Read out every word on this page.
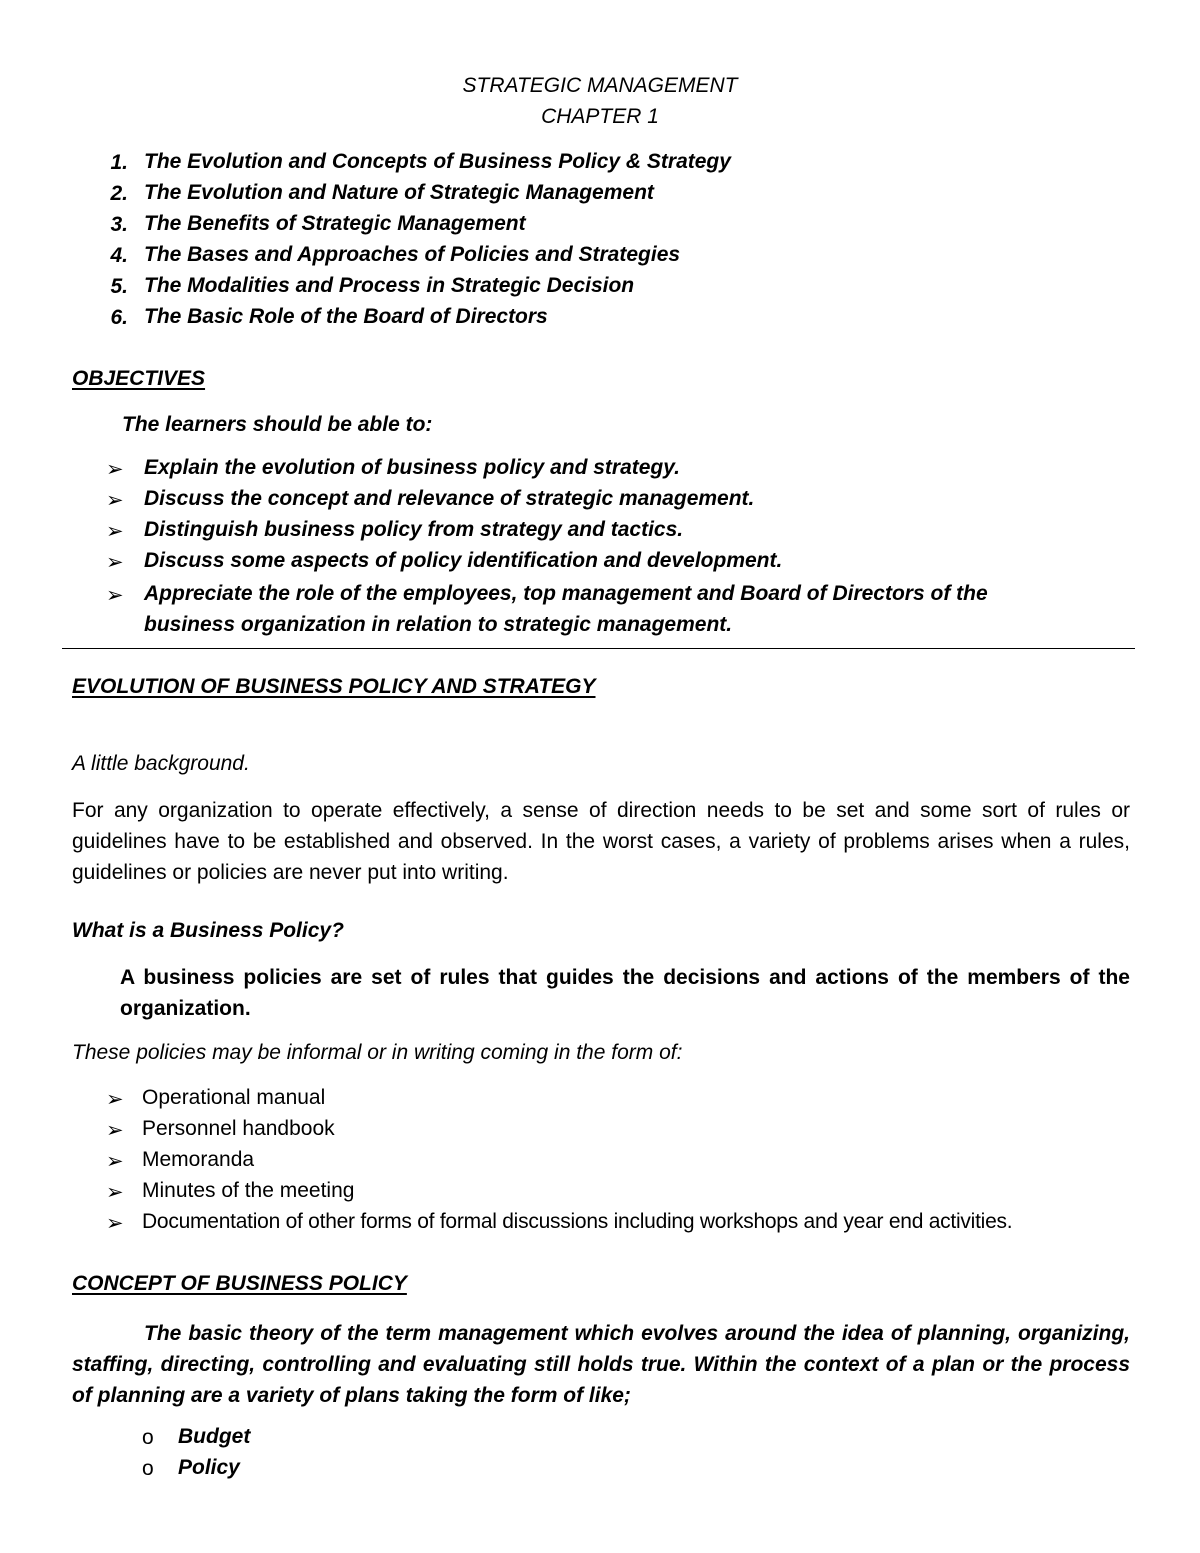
STRATEGIC MANAGEMENT
CHAPTER 1
1. The Evolution and Concepts of Business Policy & Strategy
2. The Evolution and Nature of Strategic Management
3. The Benefits of Strategic Management
4. The Bases and Approaches of Policies and Strategies
5. The Modalities and Process in Strategic Decision
6. The Basic Role of the Board of Directors
OBJECTIVES
The learners should be able to:
➢ Explain the evolution of business policy and strategy.
➢ Discuss the concept and relevance of strategic management.
➢ Distinguish business policy from strategy and tactics.
➢ Discuss some aspects of policy identification and development.
➢ Appreciate the role of the employees, top management and Board of Directors of the
business organization in relation to strategic management.
EVOLUTION OF BUSINESS POLICY AND STRATEGY
A little background.
For any organization to operate effectively, a sense of direction needs to be set and some sort of rules or guidelines have to be established and observed. In the worst cases, a variety of problems arises when a rules, guidelines or policies are never put into writing.
What is a Business Policy?
A business policies are set of rules that guides the decisions and actions of the members of the organization.
These policies may be informal or in writing coming in the form of:
➢ Operational manual
➢ Personnel handbook
➢ Memoranda
➢ Minutes of the meeting
➢ Documentation of other forms of formal discussions including workshops and year end activities.
CONCEPT OF BUSINESS POLICY
The basic theory of the term management which evolves around the idea of planning, organizing, staffing, directing, controlling and evaluating still holds true. Within the context of a plan or the process of planning are a variety of plans taking the form of like;
o Budget
o Policy
